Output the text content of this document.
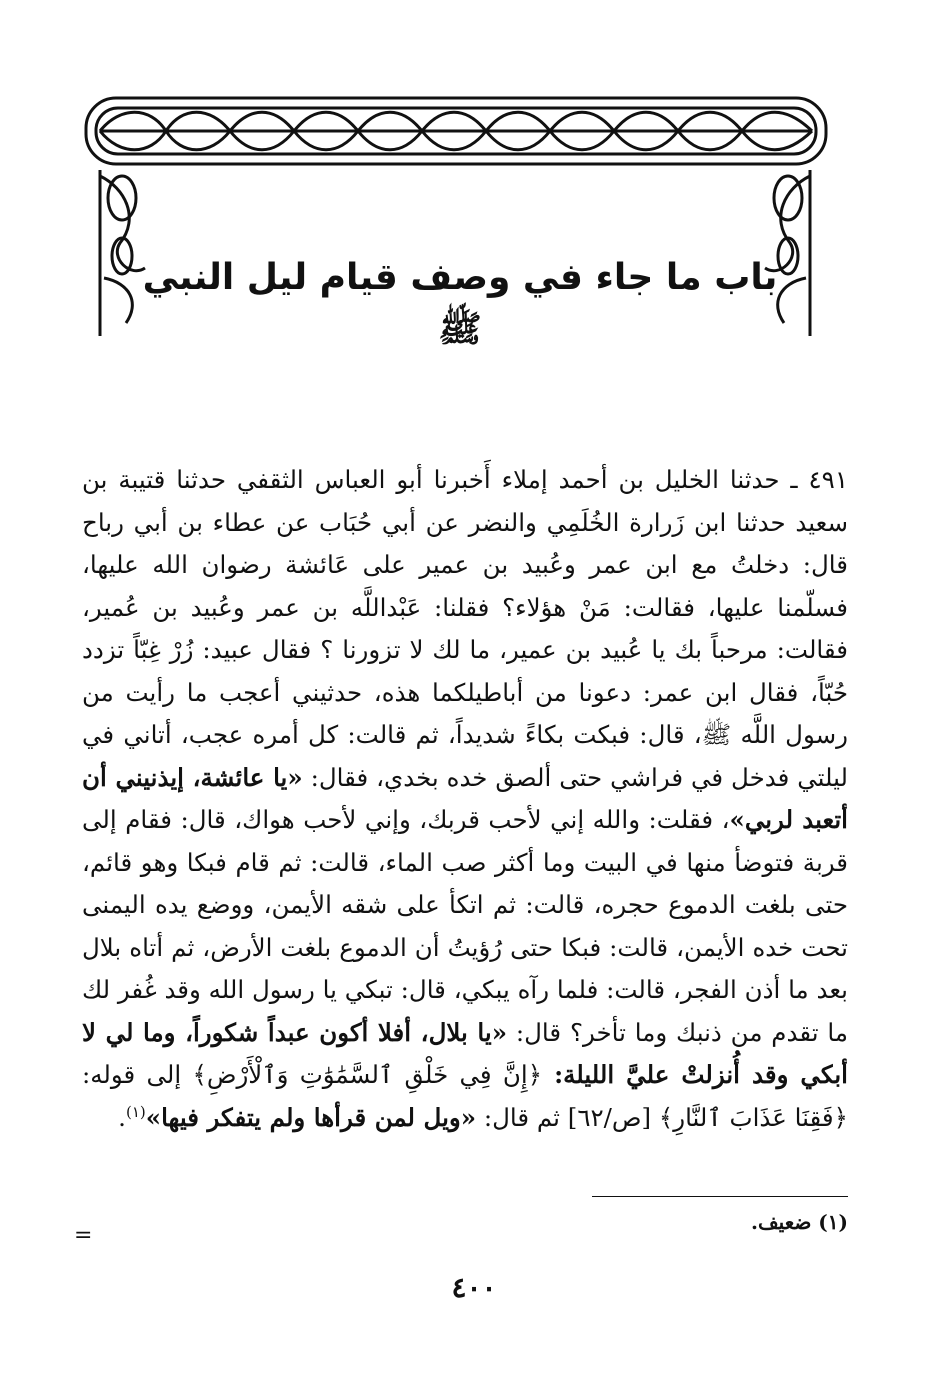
باب ما جاء في وصف قيام ليل النبي ﷺ

٤٩١ ـ حدثنا الخليل بن أحمد إملاء أَخبرنا أبو العباس الثقفي حدثنا قتيبة بن سعيد حدثنا ابن زَرارة الخُلَمِي والنضر عن أبي حُبَاب عن عطاء بن أبي رباح قال: دخلتُ مع ابن عمر وعُبيد بن عمير على عَائشة رضوان الله عليها، فسلّمنا عليها، فقالت: مَنْ هؤلاء؟ فقلنا: عَبْداللَّه بن عمر وعُبيد بن عُمير، فقالت: مرحباً بك يا عُبيد بن عمير، ما لك لا تزورنا ؟ فقال عبيد: زُرْ غِبّاً تزدد حُبّاً، فقال ابن عمر: دعونا من أباطيلكما هذه، حدثيني أعجب ما رأيت من رسول اللَّه ﷺ، قال: فبكت بكاءً شديداً، ثم قالت: كل أمره عجب، أتاني في ليلتي فدخل في فراشي حتى ألصق خده بخدي، فقال: «يا عائشة، إيذنيني أن أتعبد لربي»، فقلت: والله إني لأحب قربك، وإني لأحب هواك، قال: فقام إلى قربة فتوضأ منها في البيت وما أكثر صب الماء، قالت: ثم قام فبكا وهو قائم، حتى بلغت الدموع حجره، قالت: ثم اتكأ على شقه الأيمن، ووضع يده اليمنى تحت خده الأيمن، قالت: فبكا حتى رُؤيتُ أن الدموع بلغت الأرض، ثم أتاه بلال بعد ما أذن الفجر، قالت: فلما رآه يبكي، قال: تبكي يا رسول الله وقد غُفر لك ما تقدم من ذنبك وما تأخر؟ قال: «يا بلال، أفلا أكون عبداً شكوراً، وما لي لا أبكي وقد أُنزلتْ عليَّ الليلة: ﴿إِنَّ فِي خَلْقِ ٱلسَّمَٰوَٰتِ وَٱلْأَرْضِ﴾ إلى قوله: ﴿فَقِنَا عَذَابَ ٱلنَّارِ﴾ [ص/٦٢] ثم قال: «ويل لمن قرأها ولم يتفكر فيها»$^{(١)}$.

(١) ضعيف.
=
٤٠٠
